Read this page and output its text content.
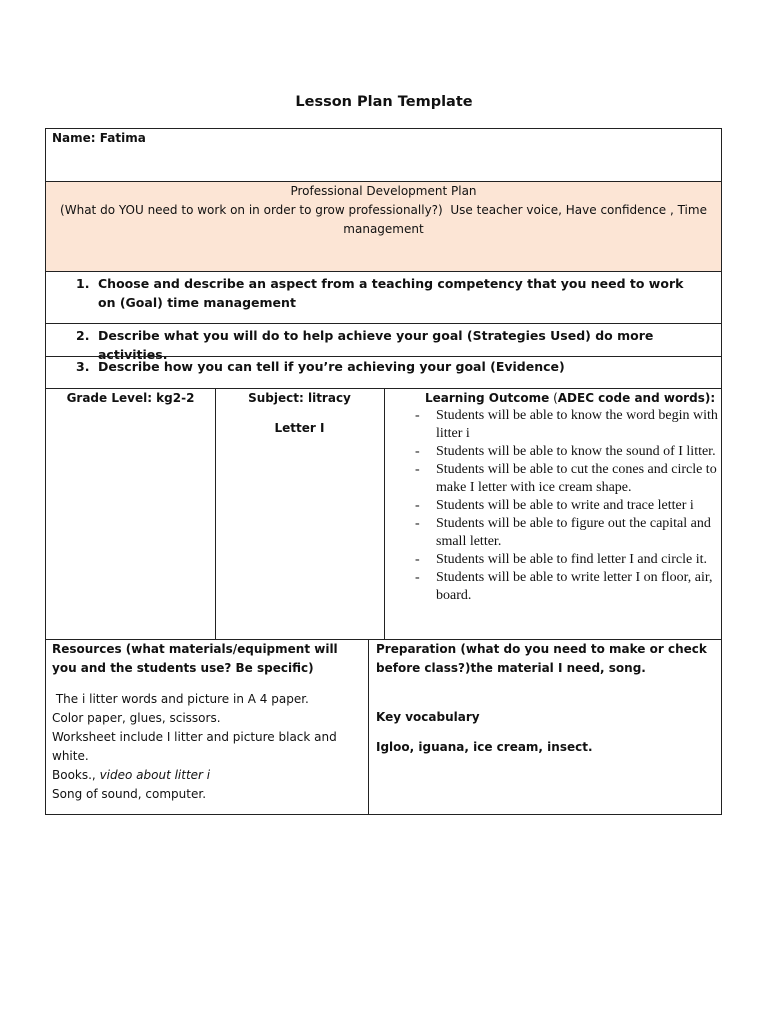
Lesson Plan Template
Name: Fatima
Professional Development Plan
(What do YOU need to work on in order to grow professionally?) Use teacher voice, Have confidence , Time
management
1. Choose and describe an aspect from a teaching competency that you need to work on (Goal) time management
2. Describe what you will do to help achieve your goal (Strategies Used) do more activities.
3. Describe how you can tell if you’re achieving your goal (Evidence)
Grade Level: kg2-2	Subject: litracy
Letter I
Learning Outcome (ADEC code and words):
- Students will be able to know the word begin with litter i
- Students will be able to know the sound of I litter.
- Students will be able to cut the cones and circle to make I letter with ice cream shape.
- Students will be able to write and trace letter i
- Students will be able to figure out the capital and small letter.
- Students will be able to find letter I and circle it.
- Students will be able to write letter I on floor, air, board.
Resources (what materials/equipment will you and the students use? Be specific)
The i litter words and picture in A 4 paper.
Color paper, glues, scissors.
Worksheet include I litter and picture black and white.
Books., video about litter i
Song of sound, computer.
Preparation (what do you need to make or check before class?)the material I need, song.
Key vocabulary
Igloo, iguana, ice cream, insect.
